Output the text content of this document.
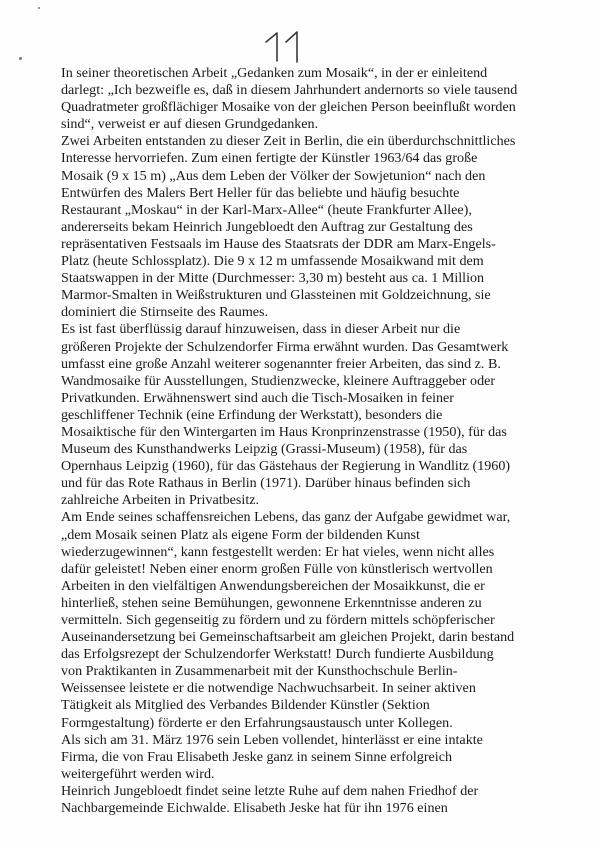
In seiner theoretischen Arbeit „Gedanken zum Mosaik“, in der er einleitend

darlegt: „Ich bezweifle es, daß in diesem Jahrhundert andernorts so viele tausend

Quadratmeter großflächiger Mosaike von der gleichen Person beeinflußt worden

sind“, verweist er auf diesen Grundgedanken.

Zwei Arbeiten entstanden zu dieser Zeit in Berlin, die ein überdurchschnittliches

Interesse hervorriefen. Zum einen fertigte der Künstler 1963/64 das große

Mosaik (9 x 15 m) „Aus dem Leben der Völker der Sowjetunion“ nach den

Entwürfen des Malers Bert Heller für das beliebte und häufig besuchte

Restaurant „Moskau“ in der Karl-Marx-Allee“ (heute Frankfurter Allee),

andererseits bekam Heinrich Jungebloedt den Auftrag zur Gestaltung des

repräsentativen Festsaals im Hause des Staatsrats der DDR am Marx-Engels-

Platz (heute Schlossplatz). Die 9 x 12 m umfassende Mosaikwand mit dem

Staatswappen in der Mitte (Durchmesser: 3,30 m) besteht aus ca. 1 Million

Marmor-Smalten in Weißstrukturen und Glassteinen mit Goldzeichnung, sie

dominiert die Stirnseite des Raumes.

Es ist fast überflüssig darauf hinzuweisen, dass in dieser Arbeit nur die

größeren Projekte der Schulzendorfer Firma erwähnt wurden. Das Gesamtwerk

umfasst eine große Anzahl weiterer sogenannter freier Arbeiten, das sind z. B.

Wandmosaike für Ausstellungen, Studienzwecke, kleinere Auftraggeber oder

Privatkunden. Erwähnenswert sind auch die Tisch-Mosaiken in feiner

geschliffener Technik (eine Erfindung der Werkstatt), besonders die

Mosaiktische für den Wintergarten im Haus Kronprinzenstrasse (1950), für das

Museum des Kunsthandwerks Leipzig (Grassi-Museum) (1958), für das

Opernhaus Leipzig (1960), für das Gästehaus der Regierung in Wandlitz (1960)

und für das Rote Rathaus in Berlin (1971). Darüber hinaus befinden sich

zahlreiche Arbeiten in Privatbesitz.

Am Ende seines schaffensreichen Lebens, das ganz der Aufgabe gewidmet war,

„dem Mosaik seinen Platz als eigene Form der bildenden Kunst

wiederzugewinnen“, kann festgestellt werden: Er hat vieles, wenn nicht alles

dafür geleistet! Neben einer enorm großen Fülle von künstlerisch wertvollen

Arbeiten in den vielfältigen Anwendungsbereichen der Mosaikkunst, die er

hinterließ, stehen seine Bemühungen, gewonnene Erkenntnisse anderen zu

vermitteln. Sich gegenseitig zu fördern und zu fördern mittels schöpferischer

Auseinandersetzung bei Gemeinschaftsarbeit am gleichen Projekt, darin bestand

das Erfolgsrezept der Schulzendorfer Werkstatt! Durch fundierte Ausbildung

von Praktikanten in Zusammenarbeit mit der Kunsthochschule Berlin-

Weissensee leistete er die notwendige Nachwuchsarbeit. In seiner aktiven

Tätigkeit als Mitglied des Verbandes Bildender Künstler (Sektion

Formgestaltung) förderte er den Erfahrungsaustausch unter Kollegen.

Als sich am 31. März 1976 sein Leben vollendet, hinterlässt er eine intakte

Firma, die von Frau Elisabeth Jeske ganz in seinem Sinne erfolgreich

weitergeführt werden wird.

Heinrich Jungebloedt findet seine letzte Ruhe auf dem nahen Friedhof der

Nachbargemeinde Eichwalde. Elisabeth Jeske hat für ihn 1976 einen
